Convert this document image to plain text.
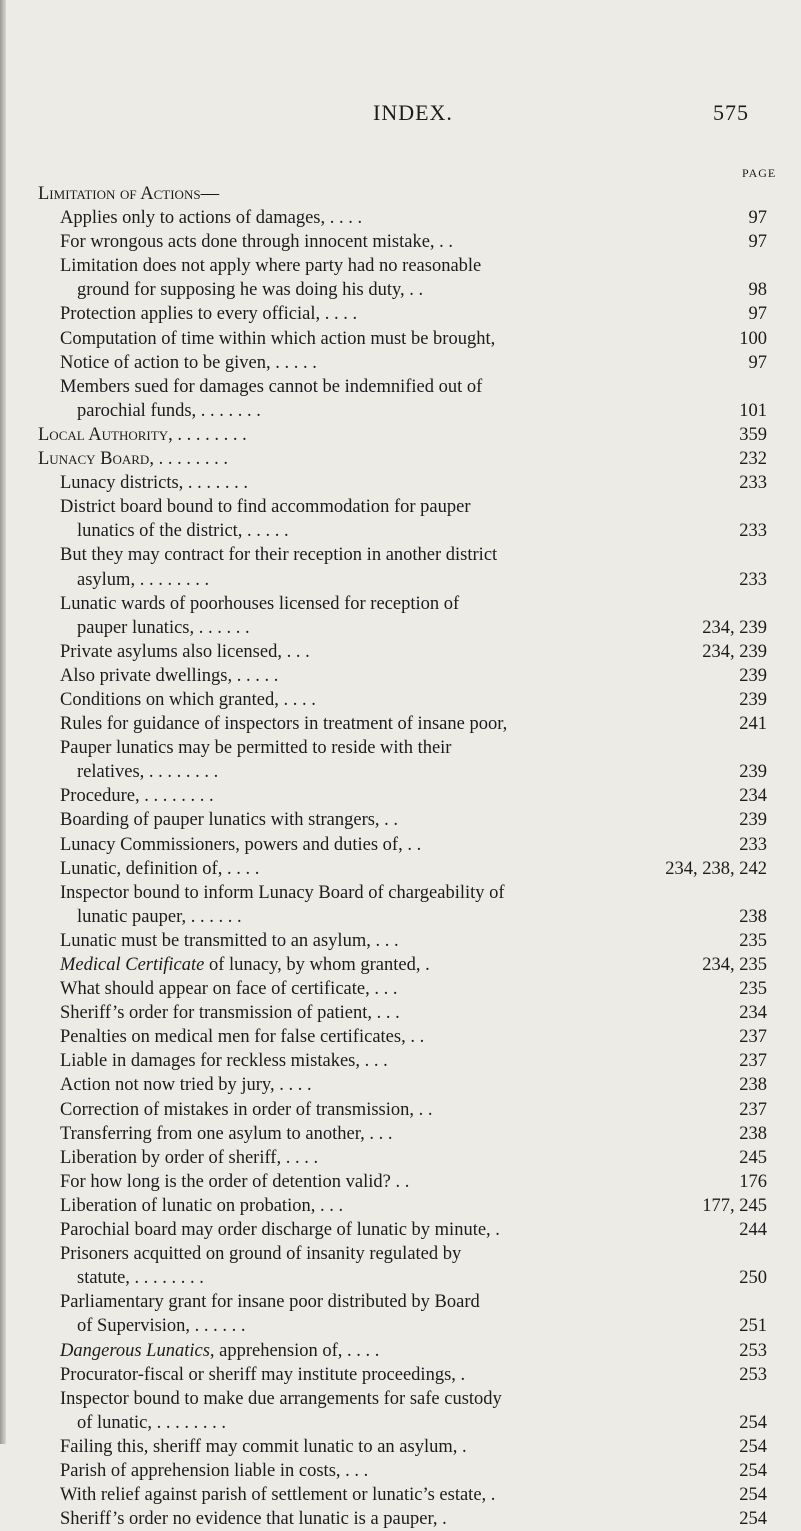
INDEX.	575
PAGE
Limitation of Actions—
Applies only to actions of damages, . . . .	97
For wrongous acts done through innocent mistake, . .	97
Limitation does not apply where party had no reasonable
ground for supposing he was doing his duty, . .	98
Protection applies to every official, . . . .	97
Computation of time within which action must be brought,	100
Notice of action to be given, . . . . .	97
Members sued for damages cannot be indemnified out of
parochial funds, . . . . . . .	101
Local Authority, . . . . . . . .	359
Lunacy Board, . . . . . . . .	232
Lunacy districts, . . . . . . .	233
District board bound to find accommodation for pauper
lunatics of the district, . . . . .	233
But they may contract for their reception in another district
asylum, . . . . . . . .	233
Lunatic wards of poorhouses licensed for reception of
pauper lunatics, . . . . . .	234, 239
Private asylums also licensed, . . .	234, 239
Also private dwellings, . . . . .	239
Conditions on which granted, . . . .	239
Rules for guidance of inspectors in treatment of insane poor,	241
Pauper lunatics may be permitted to reside with their
relatives, . . . . . . . .	239
Procedure, . . . . . . . .	234
Boarding of pauper lunatics with strangers, . .	239
Lunacy Commissioners, powers and duties of, . .	233
Lunatic, definition of, . . . .	234, 238, 242
Inspector bound to inform Lunacy Board of chargeability of
lunatic pauper, . . . . . .	238
Lunatic must be transmitted to an asylum, . . .	235
Medical Certificate of lunacy, by whom granted, .	234, 235
What should appear on face of certificate, . . .	235
Sheriff’s order for transmission of patient, . . .	234
Penalties on medical men for false certificates, . .	237
Liable in damages for reckless mistakes, . . .	237
Action not now tried by jury, . . . .	238
Correction of mistakes in order of transmission, . .	237
Transferring from one asylum to another, . . .	238
Liberation by order of sheriff, . . . .	245
For how long is the order of detention valid? . .	176
Liberation of lunatic on probation, . . .	177, 245
Parochial board may order discharge of lunatic by minute, .	244
Prisoners acquitted on ground of insanity regulated by
statute, . . . . . . . .	250
Parliamentary grant for insane poor distributed by Board
of Supervision, . . . . . .	251
Dangerous Lunatics, apprehension of, . . . .	253
Procurator-fiscal or sheriff may institute proceedings, .	253
Inspector bound to make due arrangements for safe custody
of lunatic, . . . . . . . .	254
Failing this, sheriff may commit lunatic to an asylum, .	254
Parish of apprehension liable in costs, . . .	254
With relief against parish of settlement or lunatic’s estate, .	254
Sheriff’s order no evidence that lunatic is a pauper, .	254
